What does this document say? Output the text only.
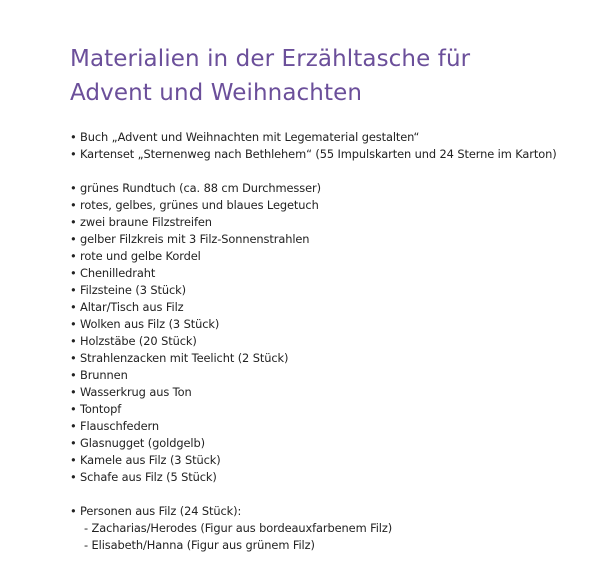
Materialien in der Erzähltasche für
Advent und Weihnachten
• Buch „Advent und Weihnachten mit Legematerial gestalten“
• Kartenset „Sternenweg nach Bethlehem“ (55 Impulskarten und 24 Sterne im Karton)
• grünes Rundtuch (ca. 88 cm Durchmesser)
• rotes, gelbes, grünes und blaues Legetuch
• zwei braune Filzstreifen
• gelber Filzkreis mit 3 Filz-Sonnenstrahlen
• rote und gelbe Kordel
• Chenilledraht
• Filzsteine (3 Stück)
• Altar/Tisch aus Filz
• Wolken aus Filz (3 Stück)
• Holzstäbe (20 Stück)
• Strahlenzacken mit Teelicht (2 Stück)
• Brunnen
• Wasserkrug aus Ton
• Tontopf
• Flauschfedern
• Glasnugget (goldgelb)
• Kamele aus Filz (3 Stück)
• Schafe aus Filz (5 Stück)
• Personen aus Filz (24 Stück):
- Zacharias/Herodes (Figur aus bordeauxfarbenem Filz)
- Elisabeth/Hanna (Figur aus grünem Filz)
